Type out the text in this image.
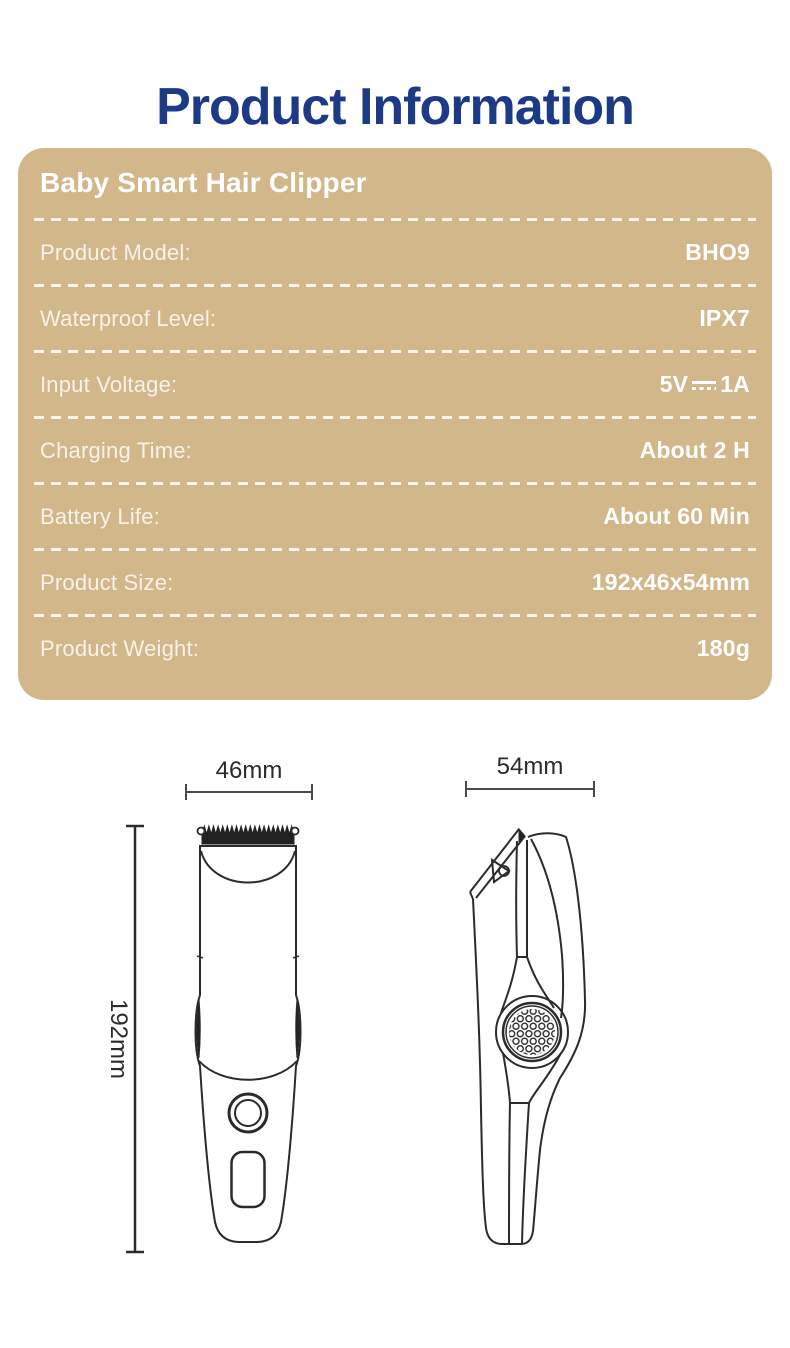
Product Information
Baby Smart Hair Clipper
Product Model:	BHO9
Waterproof Level:	IPX7
Input Voltage:	5V 1A
Charging Time:	About 2 H
Battery Life:	About 60 Min
Product Size:	192x46x54mm
Product Weight:	180g
46mm	54mm
192mm
